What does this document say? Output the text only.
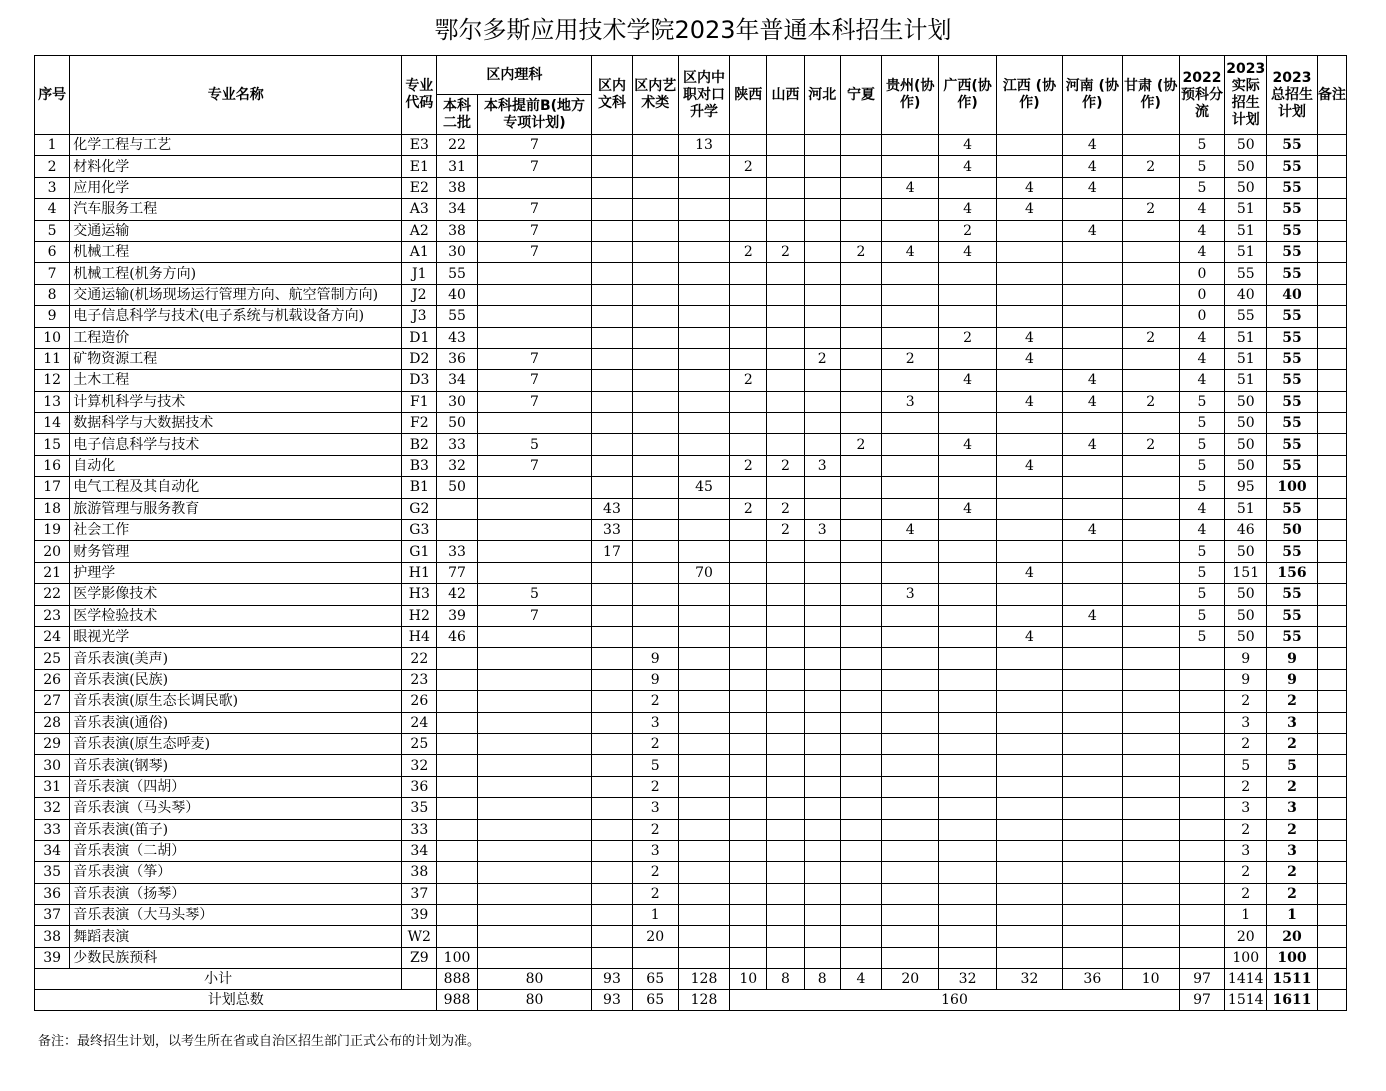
鄂尔多斯应用技术学院2023年普通本科招生计划
序号	专业名称	专业代码	区内理科		区内文科	区内艺术类	区内中职对口升学	陕西	山西	河北	宁夏	贵州(协作)	广西(协作)	江西 (协作)	河南 (协作)	甘肃 (协作)	2022预科分流	2023实际招生计划	2023总招生计划	备注
			本科二批	本科提前B(地方专项计划)																
1	化学工程与工艺	E3	22	7			13						4		4		5	50	55	
2	材料化学	E1	31	7				2					4		4	2	5	50	55	
3	应用化学	E2	38									4		4	4		5	50	55	
4	汽车服务工程	A3	34	7									4	4		2	4	51	55	
5	交通运输	A2	38	7									2		4		4	51	55	
6	机械工程	A1	30	7				2	2		2	4	4				4	51	55	
7	机械工程(机务方向)	J1	55														0	55	55	
8	交通运输(机场现场运行管理方向、航空管制方向)	J2	40														0	40	40	
9	电子信息科学与技术(电子系统与机载设备方向)	J3	55														0	55	55	
10	工程造价	D1	43										2	4		2	4	51	55	
11	矿物资源工程	D2	36	7						2		2		4			4	51	55	
12	土木工程	D3	34	7				2					4		4		4	51	55	
13	计算机科学与技术	F1	30	7								3		4	4	2	5	50	55	
14	数据科学与大数据技术	F2	50														5	50	55	
15	电子信息科学与技术	B2	33	5							2		4		4	2	5	50	55	
16	自动化	B3	32	7				2	2	3				4			5	50	55	
17	电气工程及其自动化	B1	50				45										5	95	100	
18	旅游管理与服务教育	G2			43			2	2				4				4	51	55	
19	社会工作	G3			33				2	3		4			4		4	46	50	
20	财务管理	G1	33		17												5	50	55	
21	护理学	H1	77				70							4			5	151	156	
22	医学影像技术	H3	42	5								3					5	50	55	
23	医学检验技术	H2	39	7											4		5	50	55	
24	眼视光学	H4	46											4			5	50	55	
25	音乐表演(美声)	22				9												9	9	
26	音乐表演(民族)	23				9												9	9	
27	音乐表演(原生态长调民歌)	26				2												2	2	
28	音乐表演(通俗)	24				3												3	3	
29	音乐表演(原生态呼麦)	25				2												2	2	
30	音乐表演(钢琴)	32				5												5	5	
31	音乐表演（四胡）	36				2												2	2	
32	音乐表演（马头琴）	35				3												3	3	
33	音乐表演(笛子)	33				2												2	2	
34	音乐表演（二胡）	34				3												3	3	
35	音乐表演（筝）	38				2												2	2	
36	音乐表演（扬琴）	37				2												2	2	
37	音乐表演（大马头琴）	39				1												1	1	
38	舞蹈表演	W2				20												20	20	
39	少数民族预科	Z9	100															100	100	
小计			888	80	93	65	128	10	8	8	4	20	32	32	36	10	97	1414	1511	
计划总数			988	80	93	65	128	160									97	1514	1611	
备注：最终招生计划，以考生所在省或自治区招生部门正式公布的计划为准。
